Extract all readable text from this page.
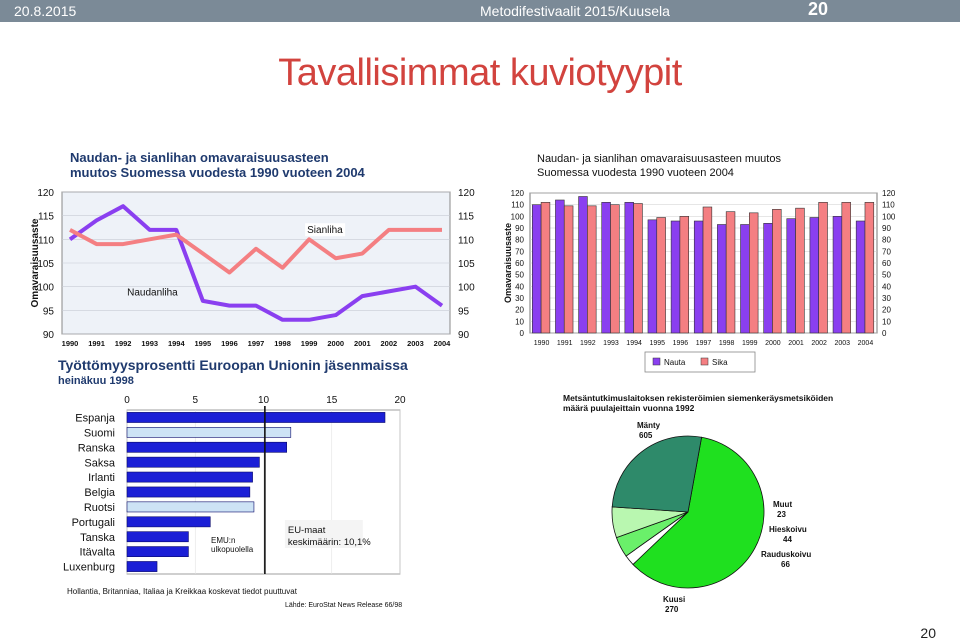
20.8.2015	Metodifestivaalit 2015/Kuusela	20
Tavallisimmat kuviotyypit
Naudan- ja sianlihan omavaraisuusasteen
muutos Suomessa vuodesta 1990 vuoteen 2004
90	90
95	95
100	100
105	105
110	110
115	115
120	120
1990 1991 1992 1993 1994 1995 1996 1997 1998 1999 2000 2001 2002 2003 2004
Omavaraisuusaste	Naudanliha
Sianliha
Naudan- ja sianlihan omavaraisuusasteen muutos
Suomessa vuodesta 1990 vuoteen 2004
0	0
10	10
20	20
30	30
40	40
50	50
60	60
70	70
80	80
90	90
100	100
110	110
120	120
Omavaraisuusaste
1990 1991 1992 1993 1994 1995 1996 1997 1998 1999 2000 2001 2002 2003 2004
Nauta	Sika
Työttömyysprosentti Euroopan Unionin jäsenmaissa
heinäkuu 1998
0	5	10	15	20
Espanja
Suomi
Ranska
Saksa
Irlanti
Belgia
Ruotsi
Portugali
Tanska
Itävalta
Luxenburg
EU-maat
keskimäärin: 10,1%
EMU:n
ulkopuolella
Hollantia, Britanniaa, Italiaa ja Kreikkaa koskevat tiedot puuttuvat
Lähde: EuroStat News Release 66/98
Metsäntutkimuslaitoksen rekisteröimien siemenkeräysmetsiköiden
määrä puulajeittain vuonna 1992
Mänty
605
Muut
23
Hieskoivu
44
Rauduskoivu
66
Kuusi
270
20
